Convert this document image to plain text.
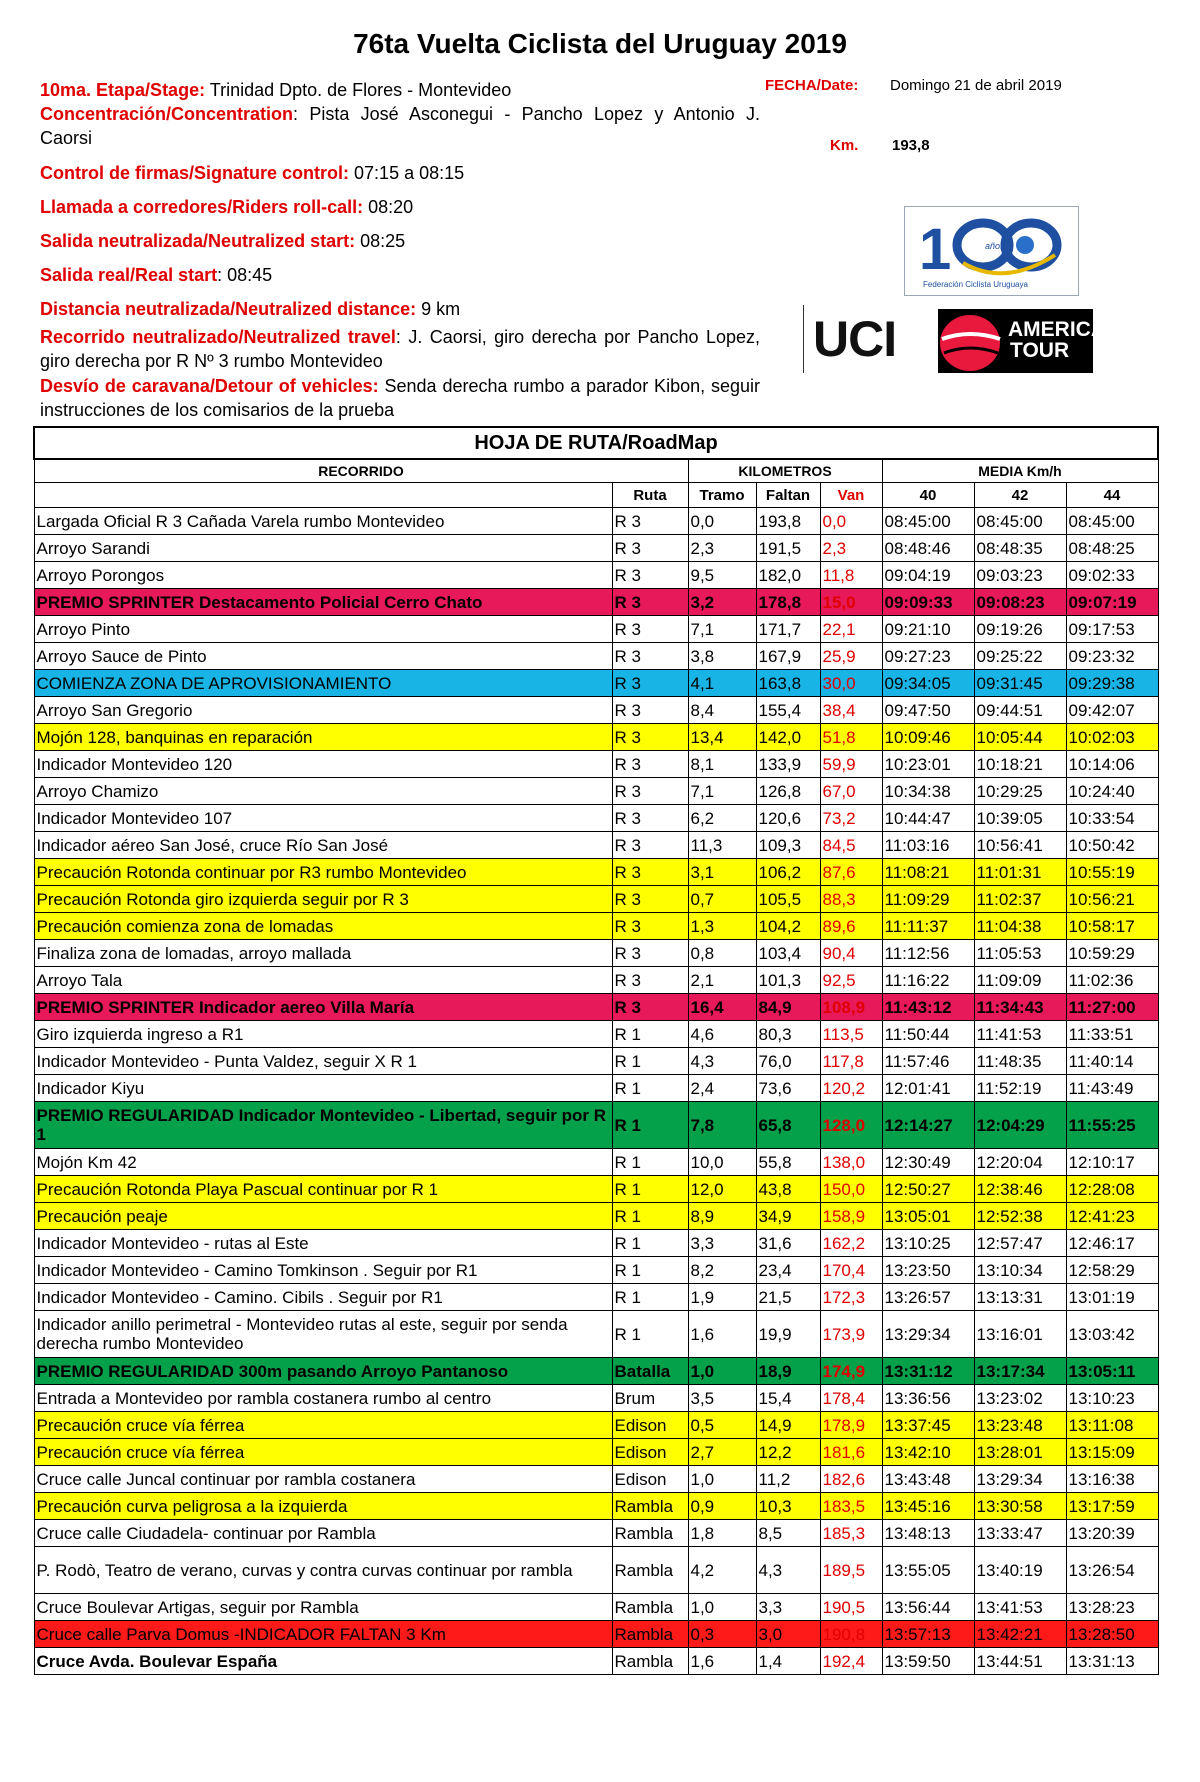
76ta Vuelta Ciclista del Uruguay 2019
10ma. Etapa/Stage: Trinidad Dpto. de Flores - Montevideo
Concentración/Concentration: Pista José Asconegui - Pancho Lopez y Antonio J. Caorsi
Control de firmas/Signature control: 07:15 a 08:15
Llamada a corredores/Riders roll-call: 08:20
Salida neutralizada/Neutralized start: 08:25
Salida real/Real start: 08:45
Distancia neutralizada/Neutralized distance: 9 km
Recorrido neutralizado/Neutralized travel: J. Caorsi, giro derecha por Pancho Lopez, giro derecha por R Nº 3 rumbo Montevideo
Desvío de caravana/Detour of vehicles: Senda derecha rumbo a parador Kibon, seguir instrucciones de los comisarios de la prueba
FECHA/Date: Domingo 21 de abril 2019
Km. 193,8
1	años
Federación Ciclista Uruguaya
UCI	AMERICA
TOUR
HOJA DE RUTA/RoadMap							
RECORRIDO		KILOMETROS			MEDIA Km/h		
	Ruta	Tramo	Faltan	Van	40	42	44
Largada Oficial R 3 Cañada Varela rumbo Montevideo	R 3	0,0	193,8	0,0	08:45:00	08:45:00	08:45:00
Arroyo Sarandi	R 3	2,3	191,5	2,3	08:48:46	08:48:35	08:48:25
Arroyo Porongos	R 3	9,5	182,0	11,8	09:04:19	09:03:23	09:02:33
PREMIO SPRINTER Destacamento Policial Cerro Chato	R 3	3,2	178,8	15,0	09:09:33	09:08:23	09:07:19
Arroyo Pinto	R 3	7,1	171,7	22,1	09:21:10	09:19:26	09:17:53
Arroyo Sauce de Pinto	R 3	3,8	167,9	25,9	09:27:23	09:25:22	09:23:32
COMIENZA ZONA DE APROVISIONAMIENTO	R 3	4,1	163,8	30,0	09:34:05	09:31:45	09:29:38
Arroyo San Gregorio	R 3	8,4	155,4	38,4	09:47:50	09:44:51	09:42:07
Mojón 128, banquinas en reparación	R 3	13,4	142,0	51,8	10:09:46	10:05:44	10:02:03
Indicador Montevideo 120	R 3	8,1	133,9	59,9	10:23:01	10:18:21	10:14:06
Arroyo Chamizo	R 3	7,1	126,8	67,0	10:34:38	10:29:25	10:24:40
Indicador Montevideo 107	R 3	6,2	120,6	73,2	10:44:47	10:39:05	10:33:54
Indicador aéreo San José, cruce Río San José	R 3	11,3	109,3	84,5	11:03:16	10:56:41	10:50:42
Precaución Rotonda continuar por R3 rumbo Montevideo	R 3	3,1	106,2	87,6	11:08:21	11:01:31	10:55:19
Precaución Rotonda giro izquierda seguir por R 3	R 3	0,7	105,5	88,3	11:09:29	11:02:37	10:56:21
Precaución comienza zona de lomadas	R 3	1,3	104,2	89,6	11:11:37	11:04:38	10:58:17
Finaliza zona de lomadas, arroyo mallada	R 3	0,8	103,4	90,4	11:12:56	11:05:53	10:59:29
Arroyo Tala	R 3	2,1	101,3	92,5	11:16:22	11:09:09	11:02:36
PREMIO SPRINTER Indicador aereo Villa María	R 3	16,4	84,9	108,9	11:43:12	11:34:43	11:27:00
Giro izquierda ingreso a R1	R 1	4,6	80,3	113,5	11:50:44	11:41:53	11:33:51
Indicador Montevideo - Punta Valdez, seguir X R 1	R 1	4,3	76,0	117,8	11:57:46	11:48:35	11:40:14
Indicador Kiyu	R 1	2,4	73,6	120,2	12:01:41	11:52:19	11:43:49
PREMIO REGULARIDAD Indicador Montevideo - Libertad, seguir por R 1	R 1	7,8	65,8	128,0	12:14:27	12:04:29	11:55:25
Mojón Km 42	R 1	10,0	55,8	138,0	12:30:49	12:20:04	12:10:17
Precaución Rotonda Playa Pascual continuar por R 1	R 1	12,0	43,8	150,0	12:50:27	12:38:46	12:28:08
Precaución peaje	R 1	8,9	34,9	158,9	13:05:01	12:52:38	12:41:23
Indicador Montevideo - rutas al Este	R 1	3,3	31,6	162,2	13:10:25	12:57:47	12:46:17
Indicador Montevideo - Camino Tomkinson . Seguir por R1	R 1	8,2	23,4	170,4	13:23:50	13:10:34	12:58:29
Indicador Montevideo - Camino. Cibils . Seguir por R1	R 1	1,9	21,5	172,3	13:26:57	13:13:31	13:01:19
Indicador anillo perimetral - Montevideo rutas al este, seguir por senda derecha rumbo Montevideo	R 1	1,6	19,9	173,9	13:29:34	13:16:01	13:03:42
PREMIO REGULARIDAD 300m pasando Arroyo Pantanoso	Batalla	1,0	18,9	174,9	13:31:12	13:17:34	13:05:11
Entrada a Montevideo por rambla costanera rumbo al centro	Brum	3,5	15,4	178,4	13:36:56	13:23:02	13:10:23
Precaución cruce vía férrea	Edison	0,5	14,9	178,9	13:37:45	13:23:48	13:11:08
Precaución cruce vía férrea	Edison	2,7	12,2	181,6	13:42:10	13:28:01	13:15:09
Cruce calle Juncal continuar por rambla costanera	Edison	1,0	11,2	182,6	13:43:48	13:29:34	13:16:38
Precaución curva peligrosa a la izquierda	Rambla	0,9	10,3	183,5	13:45:16	13:30:58	13:17:59
Cruce calle Ciudadela- continuar por Rambla	Rambla	1,8	8,5	185,3	13:48:13	13:33:47	13:20:39
P. Rodò, Teatro de verano, curvas y contra curvas continuar por rambla	Rambla	4,2	4,3	189,5	13:55:05	13:40:19	13:26:54
Cruce Boulevar Artigas, seguir por Rambla	Rambla	1,0	3,3	190,5	13:56:44	13:41:53	13:28:23
Cruce calle Parva Domus -INDICADOR FALTAN 3 Km	Rambla	0,3	3,0	190,8	13:57:13	13:42:21	13:28:50
Cruce Avda. Boulevar España	Rambla	1,6	1,4	192,4	13:59:50	13:44:51	13:31:13
